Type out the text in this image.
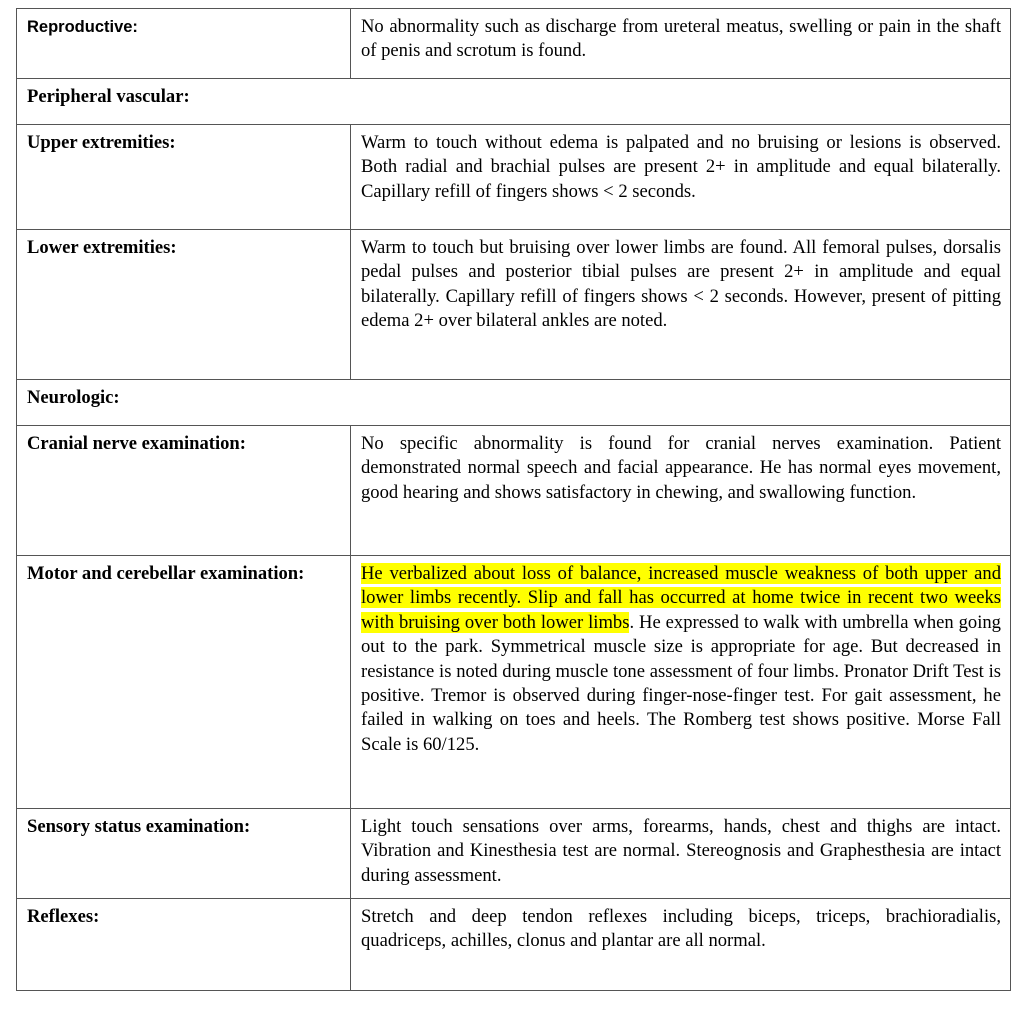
Reproductive:	No abnormality such as discharge from ureteral meatus, swelling or pain in the shaft of penis and scrotum is found.
Peripheral vascular:	
Upper extremities:	Warm to touch without edema is palpated and no bruising or lesions is observed. Both radial and brachial pulses are present 2+ in amplitude and equal bilaterally. Capillary refill of fingers shows < 2 seconds.
Lower extremities:	Warm to touch but bruising over lower limbs are found. All femoral pulses, dorsalis pedal pulses and posterior tibial pulses are present 2+ in amplitude and equal bilaterally. Capillary refill of fingers shows < 2 seconds. However, present of pitting edema 2+ over bilateral ankles are noted.
Neurologic:	
Cranial nerve examination:	No specific abnormality is found for cranial nerves examination. Patient demonstrated normal speech and facial appearance. He has normal eyes movement, good hearing and shows satisfactory in chewing, and swallowing function.
Motor and cerebellar examination:	He verbalized about loss of balance, increased muscle weakness of both upper and lower limbs recently. Slip and fall has occurred at home twice in recent two weeks with bruising over both lower limbs. He expressed to walk with umbrella when going out to the park. Symmetrical muscle size is appropriate for age. But decreased in resistance is noted during muscle tone assessment of four limbs. Pronator Drift Test is positive. Tremor is observed during finger-nose-finger test. For gait assessment, he failed in walking on toes and heels. The Romberg test shows positive. Morse Fall Scale is 60/125.
Sensory status examination:	Light touch sensations over arms, forearms, hands, chest and thighs are intact. Vibration and Kinesthesia test are normal. Stereognosis and Graphesthesia are intact during assessment.
Reflexes:	Stretch and deep tendon reflexes including biceps, triceps, brachioradialis, quadriceps, achilles, clonus and plantar are all normal.
